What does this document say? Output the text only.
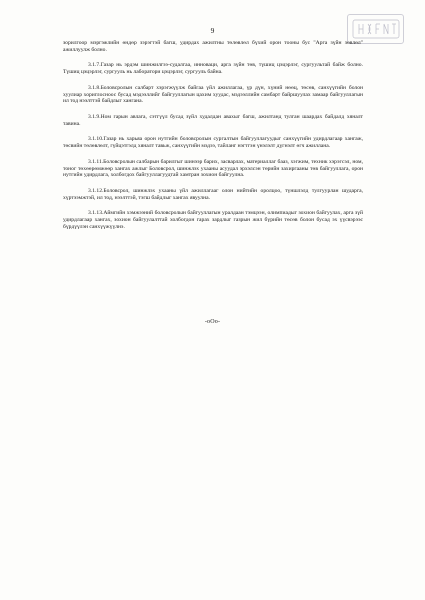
9

зорилгоор мэргэжлийн өндөр зэрэгтэй багш, удирдах ажилтны төлөвлөл бүхий орон тооны бус "Арга зүйн зөвлөл" ажиллуулж болно.

3.1.7.Газар нь эрдэм шинжилгээ-судалгаа, инноваци, арга зүйн төв, түшиц цэцэрлэг, сургуультай байж болно. Түшиц цэцэрлэг, сургууль нь лаборатори цэцэрлэг, сургууль байна.

3.1.8.Боловсролын салбарт хэрэгжүүлж байгаа үйл ажиллагаа, үр дүн, хүний нөөц, төсөв, санхүүгийн болон хуулиар хориглосноос бусад мэдээллийг байгууллагын цахим хуудас, мэдээллийн самбарт байршуулах замаар байгууллагын ил тод нээлттэй байдлыг хангана.

3.1.9.Ном гарын авлага, сэтгүүл бусад зүйл худалдан авахыг багш, ажилтанд тулган шаардах байдалд хяналт тавина.

3.1.10.Газар нь харьяа орон нутгийн боловсролын сургалтын байгууллагуудыг санхүүгийн удирдлагаар хангаж, төсвийн төлөвлөлт, гүйцэтгэлд хяналт тавьж, санхүүгийн мэдээ, тайланг нэгтгэн үнэлэлт дүгнэлт өгч ажиллана.

3.1.11.Боловсролын салбарын барилгыг шинээр барих, засварлах, материаллаг бааз, хэгжим, техник хэрэгсэл, ном, тоног төхөөрөмжөөр хангах ажлыг Боловсрол, шинжлэх ухааны асуудал эрхэлсэн төрийн захиргааны төв байгууллага, орон нутгийн удирдлага, холбогдох байгууллагуудтай хамтран зохион байгуулна.

3.1.12.Боловсрол, шинжлэх ухааны үйл ажиллагааг олон нийтийн оролцоо, түншлэлд тулгуурлан шударга, хүртээмжтэй, ил тод, нээлттэй, тэгш байдлыг хангах явуулна.

3.1.13.Аймгийн хэмжээний боловсролын байгууллагын уралдаан тэмцээн, олимпиадыг зохион байгуулах, арга зүй удирдлагаар хангах, зохион байгуулалттай холбогдон гарах зардлыг газрын жил бүрийн төсөв болон бусад эх үүсвэрээс бүрдүүлэн санхүүжүүлнэ.

-oOo-
